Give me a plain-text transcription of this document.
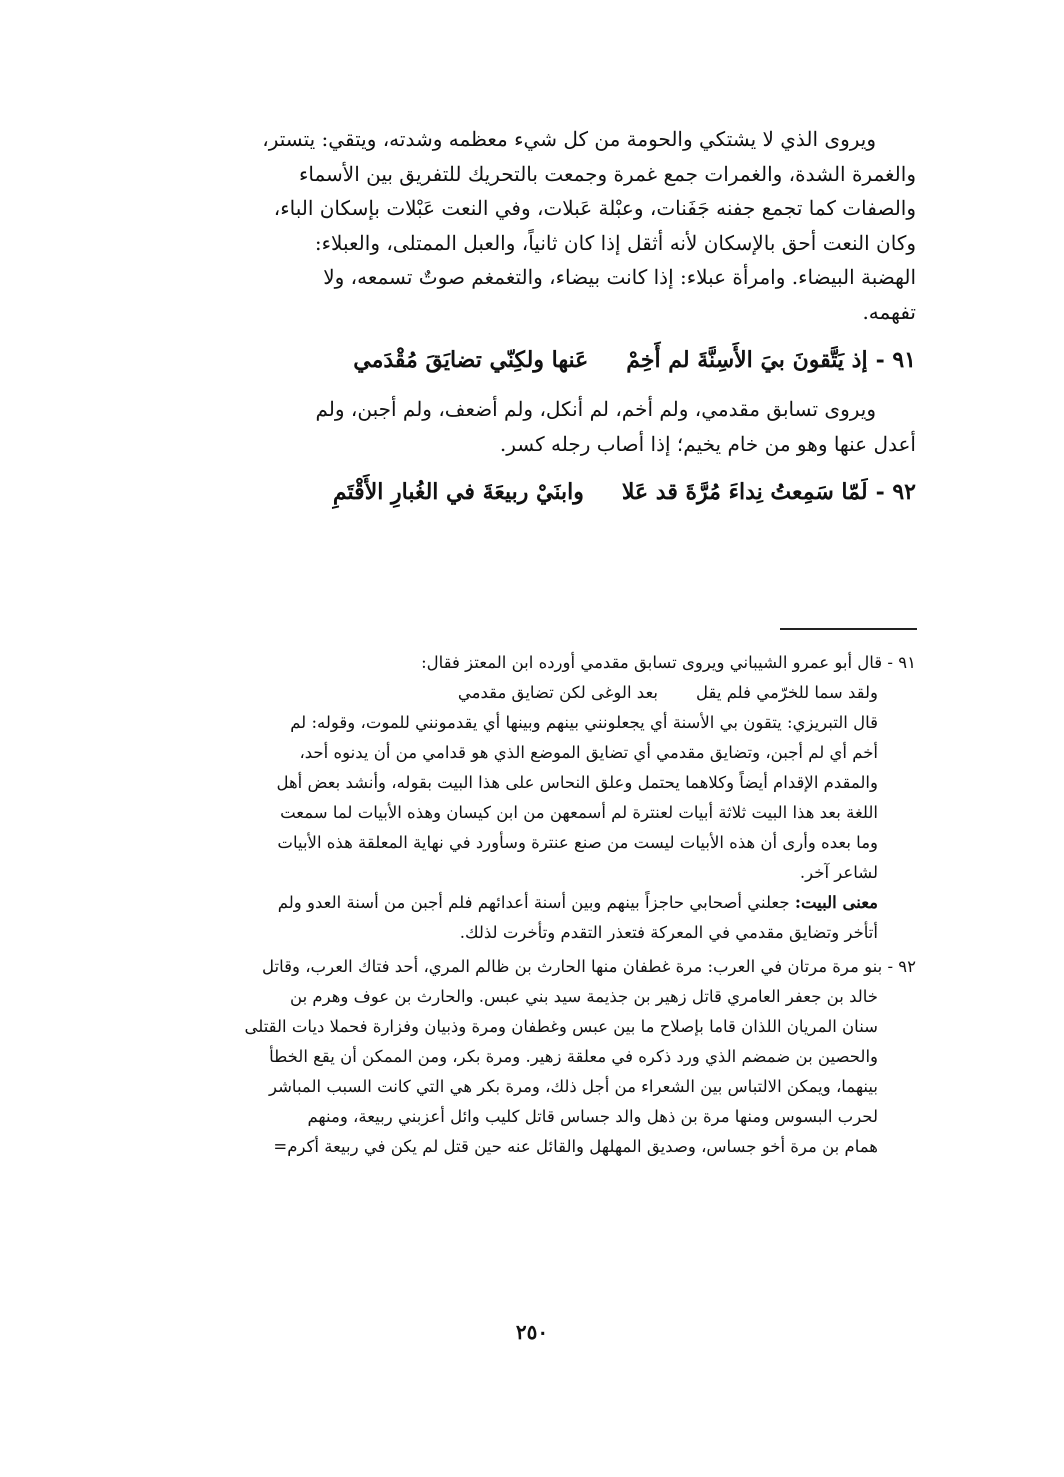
ويروى الذي لا يشتكي والحومة من كل شيء معظمه وشدته، ويتقي: يتستر،
والغمرة الشدة، والغمرات جمع غمرة وجمعت بالتحريك للتفريق بين الأسماء
والصفات كما تجمع جفنه جَفَنات، وعبْلة عَبلات، وفي النعت عَبْلات بإسكان الباء،
وكان النعت أحق بالإسكان لأنه أثقل إذا كان ثانياً، والعبل الممتلى، والعبلاء:
الهضبة البيضاء. وامرأة عبلاء: إذا كانت بيضاء، والتغمغم صوتٌ تسمعه، ولا
تفهمه.
٩١ -
إذ يَتَّقونَ بيَ الأَسِنَّةَ لم أَخِمْ
عَنها ولكِنّي تضايَقَ مُقْدَمي
ويروى تسابق مقدمي، ولم أخم، لم أنكل، ولم أضعف، ولم أجبن، ولم
أعدل عنها وهو من خام يخيم؛ إذا أصاب رجله كسر.
٩٢ -
لَمّا سَمِعتُ نِداءَ مُرَّةَ قد عَلا
وابنَيْ ربيعَةَ في الغُبارِ الأَقْتَمِ
٩١ - قال أبو عمرو الشيباني ويروى تسابق مقدمي أورده ابن المعتز فقال:
ولقد سما للخرّمي فلم يقل
بعد الوغى لكن تضايق مقدمي
قال التبريزي: يتقون بي الأسنة أي يجعلونني بينهم وبينها أي يقدمونني للموت، وقوله: لم
أخم أي لم أجبن، وتضايق مقدمي أي تضايق الموضع الذي هو قدامي من أن يدنوه أحد،
والمقدم الإقدام أيضاً وكلاهما يحتمل وعلق النحاس على هذا البيت بقوله، وأنشد بعض أهل
اللغة بعد هذا البيت ثلاثة أبيات لعنترة لم أسمعهن من ابن كيسان وهذه الأبيات لما سمعت
وما بعده وأرى أن هذه الأبيات ليست من صنع عنترة وسأورد في نهاية المعلقة هذه الأبيات
لشاعر آخر.
معنى البيت: جعلني أصحابي حاجزاً بينهم وبين أسنة أعدائهم فلم أجبن من أسنة العدو ولم
أتأخر وتضايق مقدمي في المعركة فتعذر التقدم وتأخرت لذلك.
٩٢ - بنو مرة مرتان في العرب: مرة غطفان منها الحارث بن ظالم المري، أحد فتاك العرب، وقاتل
خالد بن جعفر العامري قاتل زهير بن جذيمة سيد بني عبس. والحارث بن عوف وهرم بن
سنان المريان اللذان قاما بإصلاح ما بين عبس وغطفان ومرة وذبيان وفزارة فحملا ديات القتلى
والحصين بن ضمضم الذي ورد ذكره في معلقة زهير. ومرة بكر، ومن الممكن أن يقع الخطأ
بينهما، ويمكن الالتباس بين الشعراء من أجل ذلك، ومرة بكر هي التي كانت السبب المباشر
لحرب البسوس ومنها مرة بن ذهل والد جساس قاتل كليب وائل أعزبني ربيعة، ومنهم
همام بن مرة أخو جساس، وصديق المهلهل والقائل عنه حين قتل لم يكن في ربيعة أكرم=
٢٥٠
